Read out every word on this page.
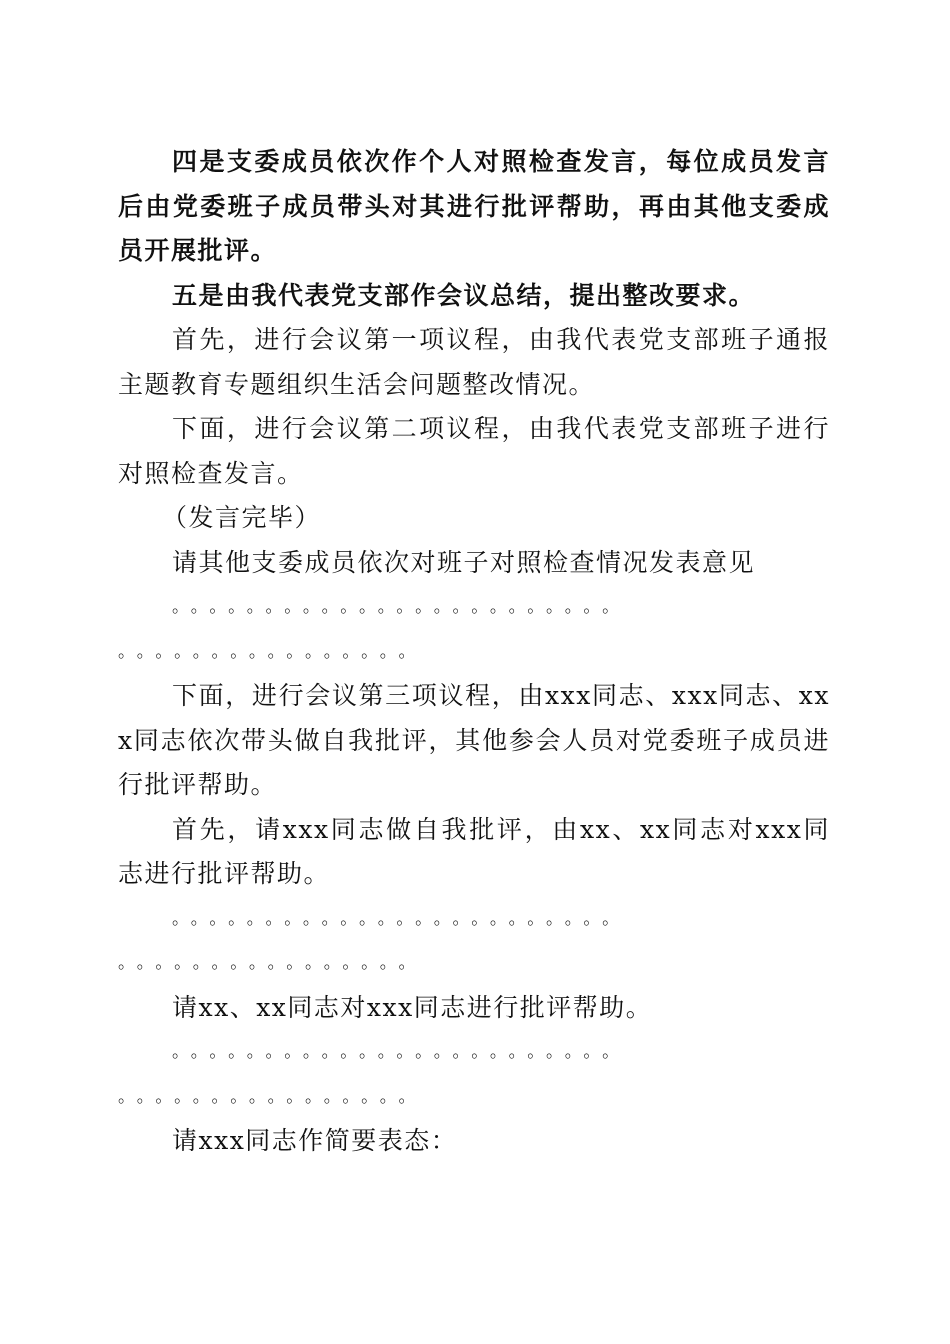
四是支委成员依次作个人对照检查发言，每位成员发言后由党委班子成员带头对其进行批评帮助，再由其他支委成员开展批评。

五是由我代表党支部作会议总结，提出整改要求。

首先，进行会议第一项议程，由我代表党支部班子通报主题教育专题组织生活会问题整改情况。

下面，进行会议第二项议程，由我代表党支部班子进行对照检查发言。

（发言完毕）

请其他支委成员依次对班子对照检查情况发表意见

。。。。。。。。。。。。。。。。。。。。。。。。
。。。。。。。。。。。。。。。。

下面，进行会议第三项议程，由xxx同志、xxx同志、xxx同志依次带头做自我批评，其他参会人员对党委班子成员进行批评帮助。

首先，请xxx同志做自我批评，由xx、xx同志对xxx同志进行批评帮助。

。。。。。。。。。。。。。。。。。。。。。。。。
。。。。。。。。。。。。。。。。

请xx、xx同志对xxx同志进行批评帮助。

。。。。。。。。。。。。。。。。。。。。。。。。
。。。。。。。。。。。。。。。。

请xxx同志作简要表态：
